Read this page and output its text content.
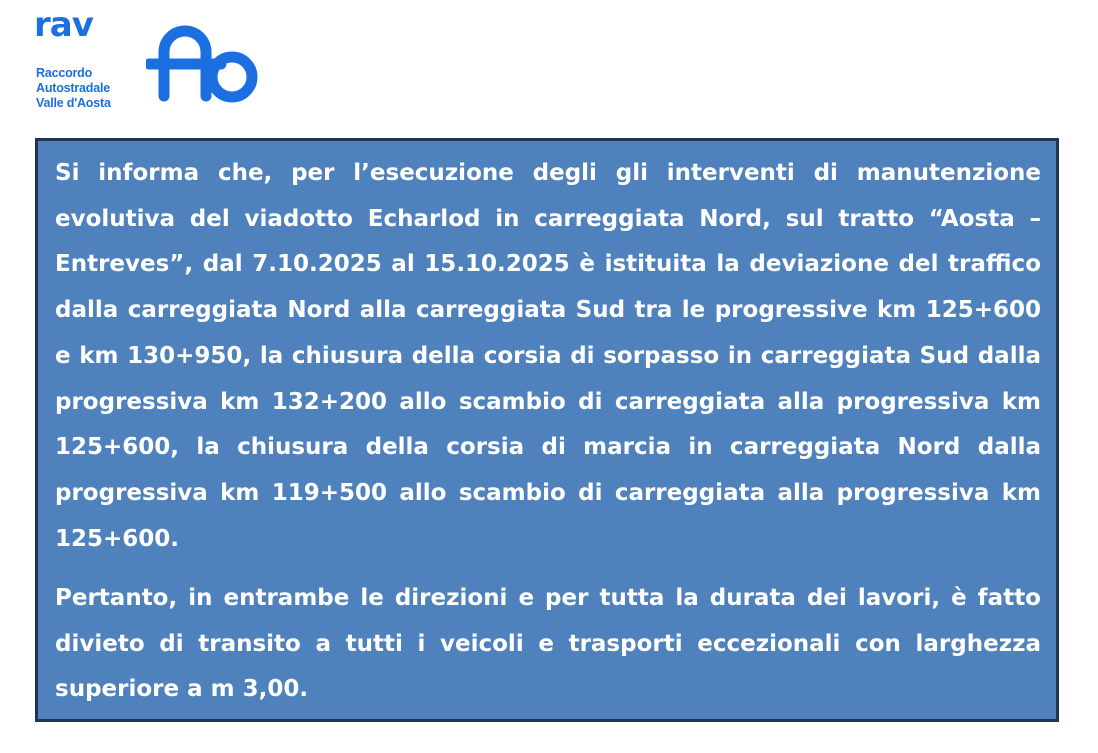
rav
Raccordo
Autostradale
Valle d'Aosta

Si informa che, per l’esecuzione degli gli interventi di manutenzione evolutiva del viadotto Echarlod in carreggiata Nord, sul tratto “Aosta – Entreves”, dal 7.10.2025 al 15.10.2025 è istituita la deviazione del traffico dalla carreggiata Nord alla carreggiata Sud tra le progressive km 125+600 e km 130+950, la chiusura della corsia di sorpasso in carreggiata Sud dalla progressiva km 132+200 allo scambio di carreggiata alla progressiva km 125+600, la chiusura della corsia di marcia in carreggiata Nord dalla progressiva km 119+500 allo scambio di carreggiata alla progressiva km 125+600.

Pertanto, in entrambe le direzioni e per tutta la durata dei lavori, è fatto divieto di transito a tutti i veicoli e trasporti eccezionali con larghezza superiore a m 3,00.
